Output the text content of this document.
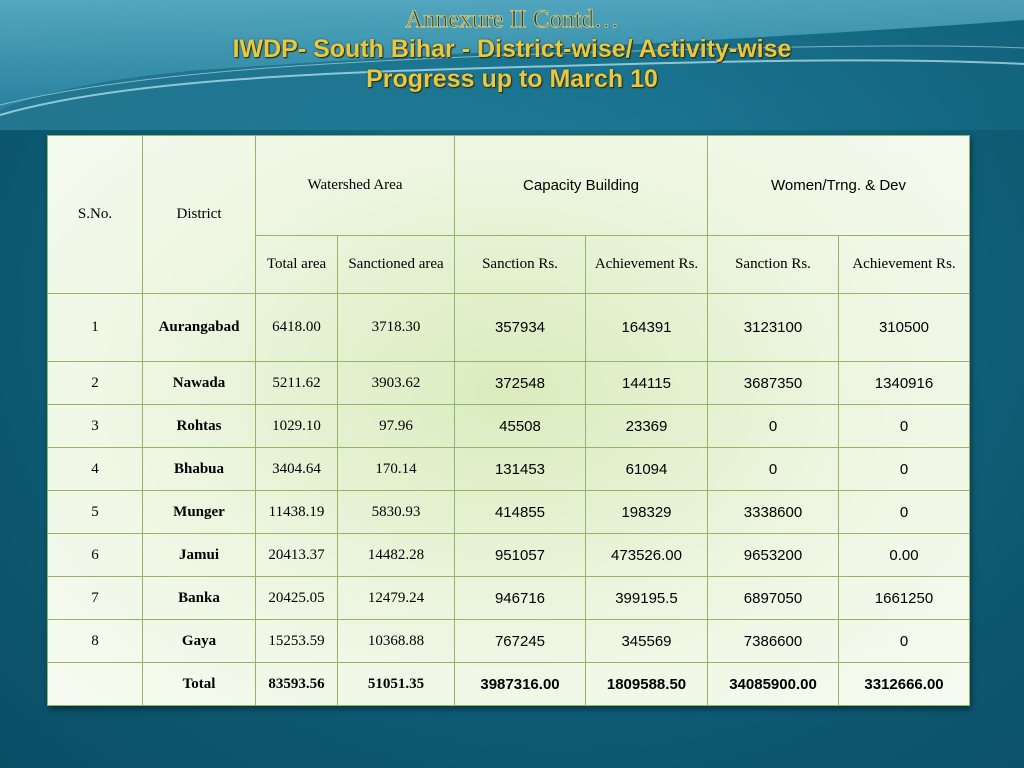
Annexure II Contd…
IWDP- South Bihar - District-wise/ Activity-wise
Progress up to March 10
S.No.	District	Watershed Area		Capacity Building		Women/Trng. & Dev	
		Total area	Sanctioned area	Sanction Rs.	Achievement Rs.	Sanction Rs.	Achievement Rs.
1	Aurangabad	6418.00	3718.30	357934	164391	3123100	310500
2	Nawada	5211.62	3903.62	372548	144115	3687350	1340916
3	Rohtas	1029.10	97.96	45508	23369	0	0
4	Bhabua	3404.64	170.14	131453	61094	0	0
5	Munger	11438.19	5830.93	414855	198329	3338600	0
6	Jamui	20413.37	14482.28	951057	473526.00	9653200	0.00
7	Banka	20425.05	12479.24	946716	399195.5	6897050	1661250
8	Gaya	15253.59	10368.88	767245	345569	7386600	0
	Total	83593.56	51051.35	3987316.00	1809588.50	34085900.00	3312666.00
